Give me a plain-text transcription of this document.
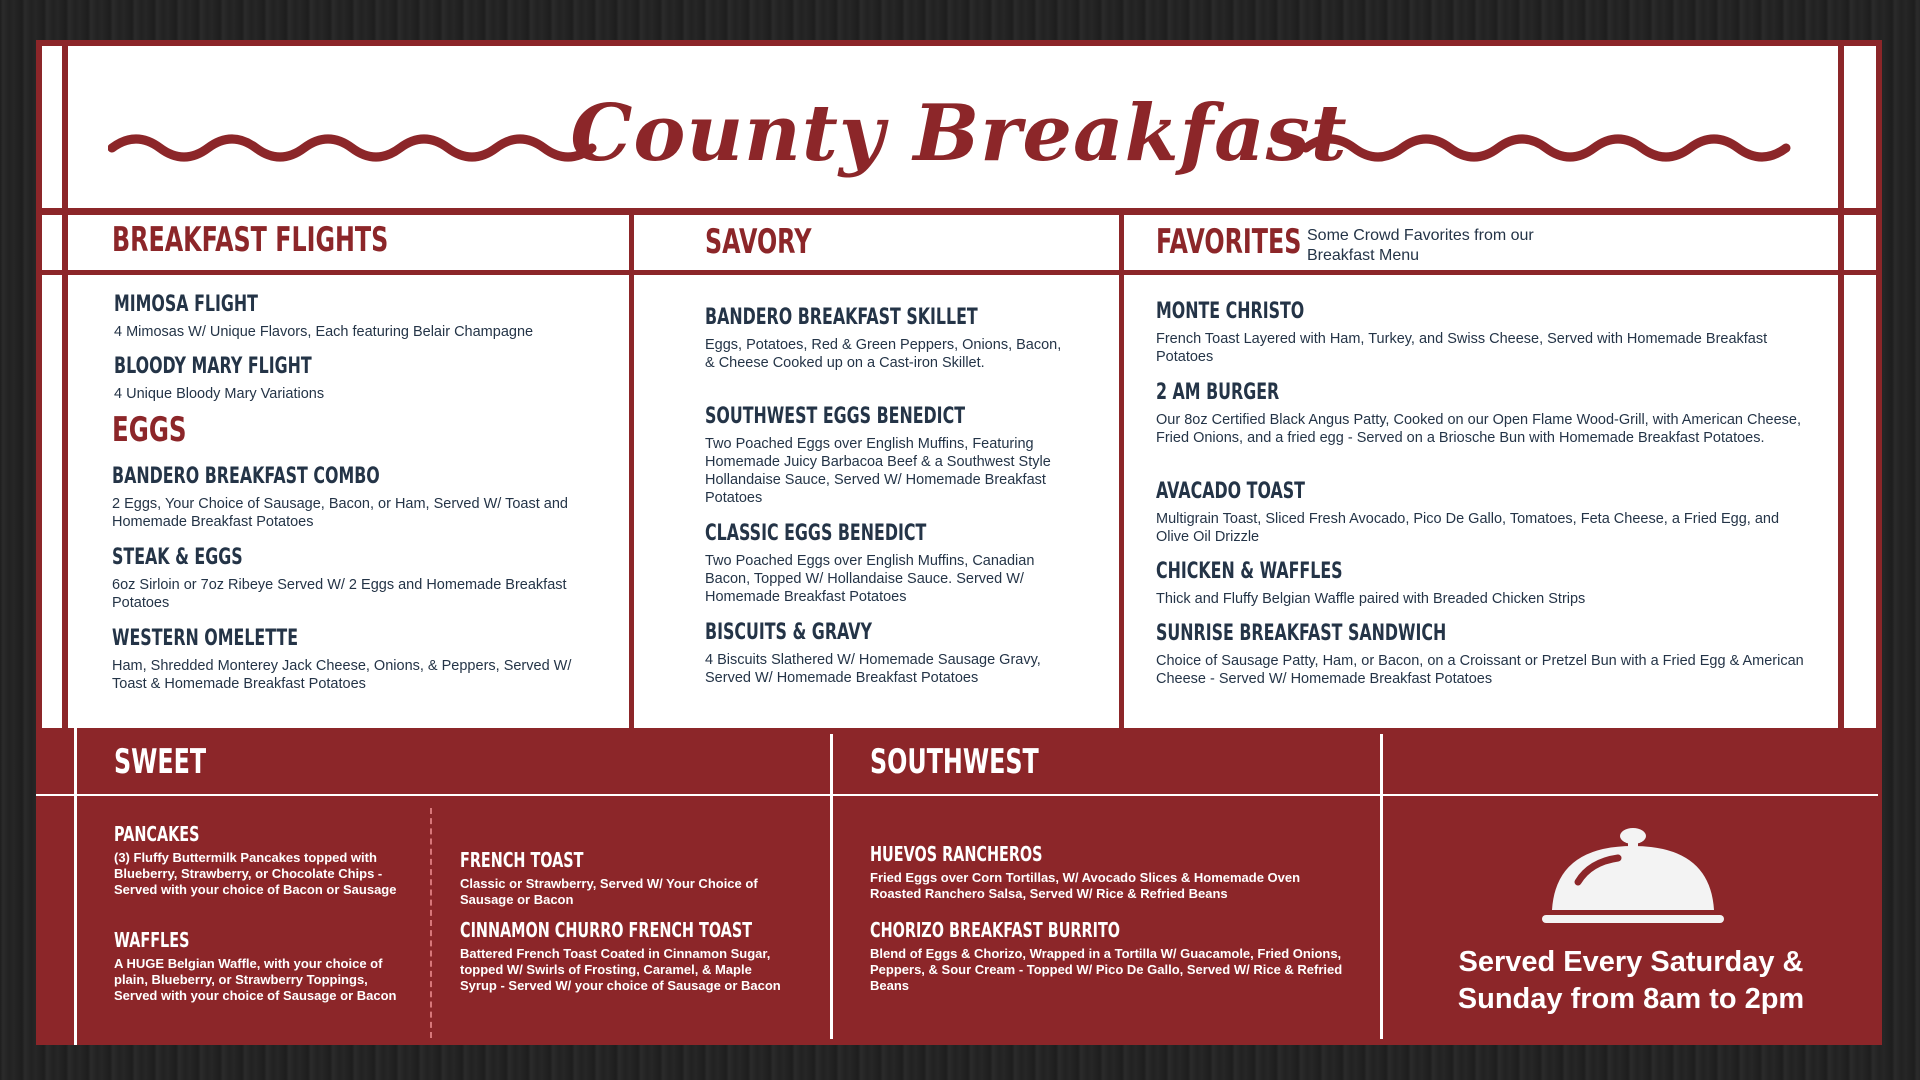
County Breakfast
BREAKFAST FLIGHTS
MIMOSA FLIGHT
4 Mimosas W/ Unique Flavors, Each featuring Belair Champagne
BLOODY MARY FLIGHT
4 Unique Bloody Mary Variations
EGGS
BANDERO BREAKFAST COMBO
2 Eggs, Your Choice of Sausage, Bacon, or Ham, Served W/ Toast and Homemade Breakfast Potatoes
STEAK & EGGS
6oz Sirloin or 7oz Ribeye Served W/ 2 Eggs and Homemade Breakfast Potatoes
WESTERN OMELETTE
Ham, Shredded Monterey Jack Cheese, Onions, & Peppers, Served W/ Toast & Homemade Breakfast Potatoes
SAVORY
BANDERO BREAKFAST SKILLET
Eggs, Potatoes, Red & Green Peppers, Onions, Bacon, & Cheese Cooked up on a Cast-iron Skillet.
SOUTHWEST EGGS BENEDICT
Two Poached Eggs over English Muffins, Featuring Homemade Juicy Barbacoa Beef & a Southwest Style Hollandaise Sauce, Served W/ Homemade Breakfast Potatoes
CLASSIC EGGS BENEDICT
Two Poached Eggs over English Muffins, Canadian Bacon, Topped W/ Hollandaise Sauce. Served W/ Homemade Breakfast Potatoes
BISCUITS & GRAVY
4 Biscuits Slathered W/ Homemade Sausage Gravy, Served W/ Homemade Breakfast Potatoes
FAVORITES Some Crowd Favorites from our Breakfast Menu
MONTE CHRISTO
French Toast Layered with Ham, Turkey, and Swiss Cheese, Served with Homemade Breakfast Potatoes
2 AM BURGER
Our 8oz Certified Black Angus Patty, Cooked on our Open Flame Wood-Grill, with American Cheese, Fried Onions, and a fried egg - Served on a Briosche Bun with Homemade Breakfast Potatoes.
AVACADO TOAST
Multigrain Toast, Sliced Fresh Avocado, Pico De Gallo, Tomatoes, Feta Cheese, a Fried Egg, and Olive Oil Drizzle
CHICKEN & WAFFLES
Thick and Fluffy Belgian Waffle paired with Breaded Chicken Strips
SUNRISE BREAKFAST SANDWICH
Choice of Sausage Patty, Ham, or Bacon, on a Croissant or Pretzel Bun with a Fried Egg & American Cheese - Served W/ Homemade Breakfast Potatoes
SWEET
PANCAKES
(3) Fluffy Buttermilk Pancakes topped with Blueberry, Strawberry, or Chocolate Chips - Served with your choice of Bacon or Sausage
WAFFLES
A HUGE Belgian Waffle, with your choice of plain, Blueberry, or Strawberry Toppings, Served with your choice of Sausage or Bacon
FRENCH TOAST
Classic or Strawberry, Served W/ Your Choice of Sausage or Bacon
CINNAMON CHURRO FRENCH TOAST
Battered French Toast Coated in Cinnamon Sugar, topped W/ Swirls of Frosting, Caramel, & Maple Syrup - Served W/ your choice of Sausage or Bacon
SOUTHWEST
HUEVOS RANCHEROS
Fried Eggs over Corn Tortillas, W/ Avocado Slices & Homemade Oven Roasted Ranchero Salsa, Served W/ Rice & Refried Beans
CHORIZO BREAKFAST BURRITO
Blend of Eggs & Chorizo, Wrapped in a Tortilla W/ Guacamole, Fried Onions, Peppers, & Sour Cream - Topped W/ Pico De Gallo, Served W/ Rice & Refried Beans
Served Every Saturday &
Sunday from 8am to 2pm
